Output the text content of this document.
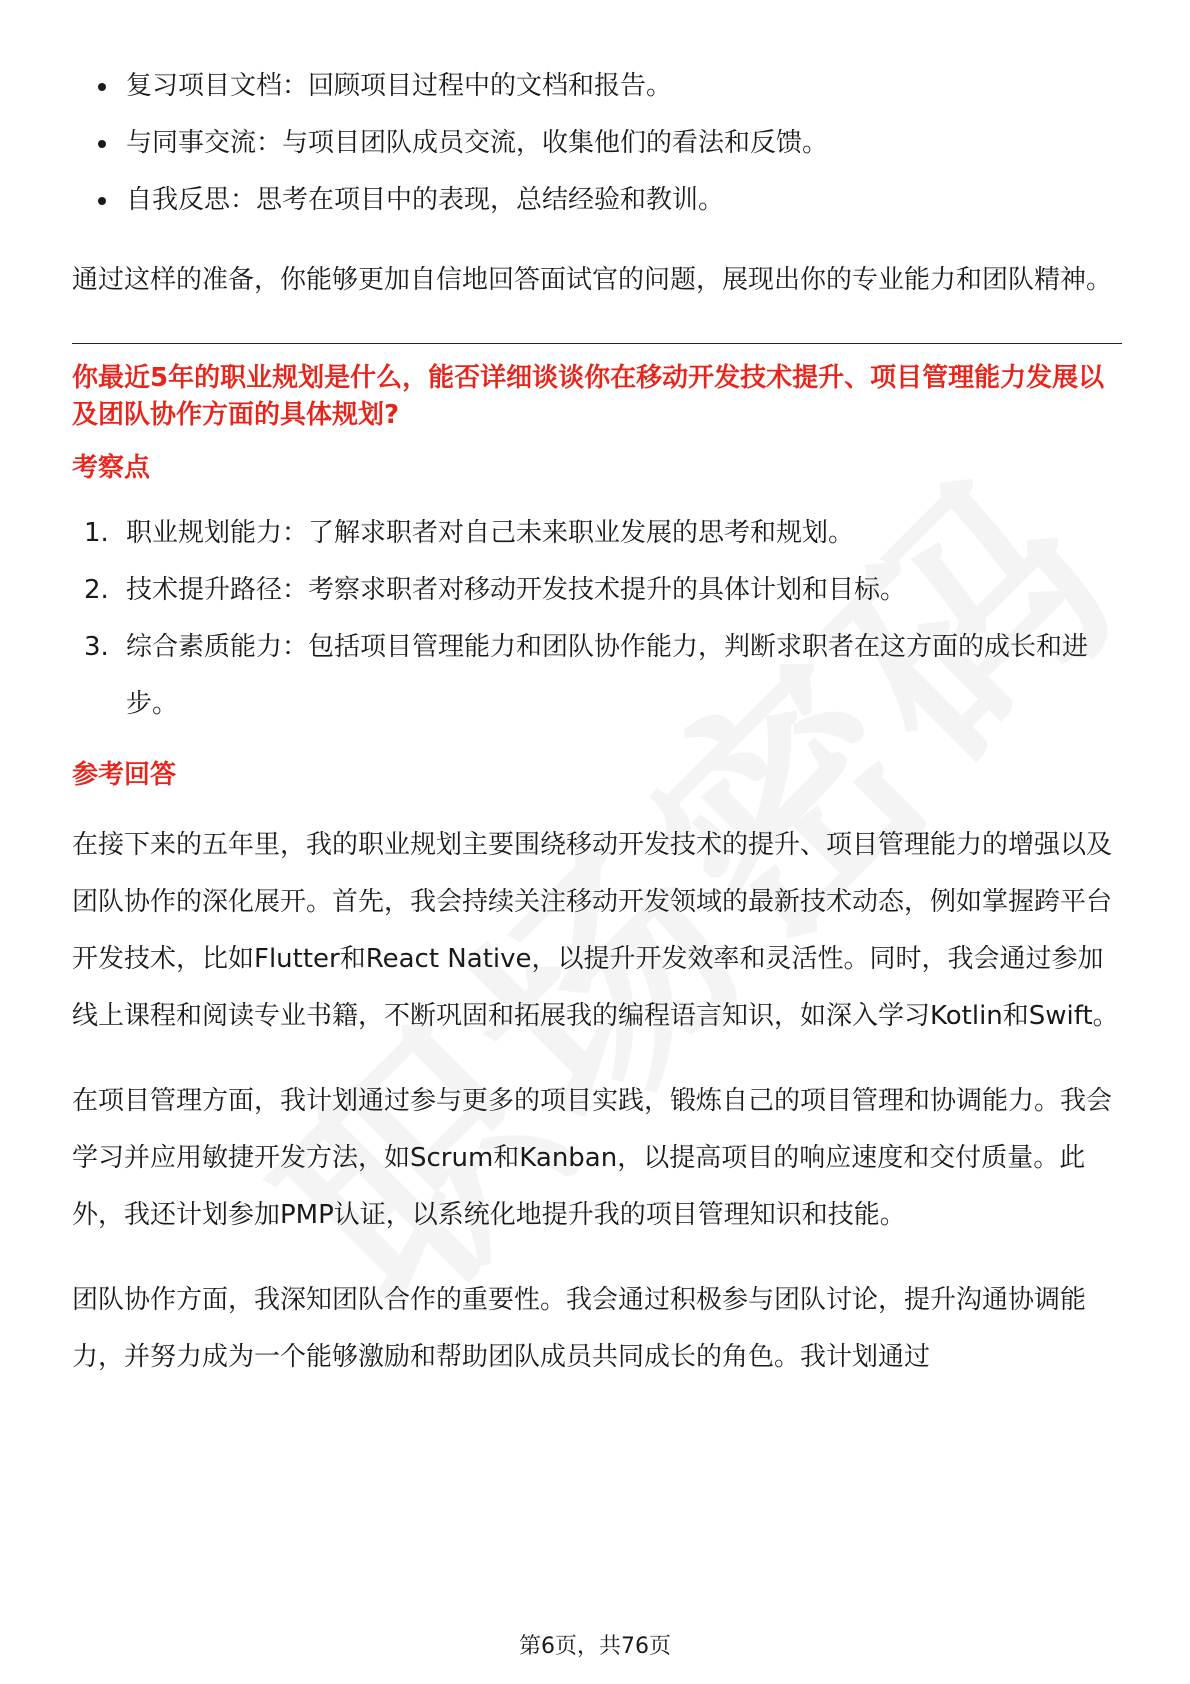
复习项目文档：回顾项目过程中的文档和报告。
与同事交流：与项目团队成员交流，收集他们的看法和反馈。
自我反思：思考在项目中的表现，总结经验和教训。

通过这样的准备，你能够更加自信地回答面试官的问题，展现出你的专业能力和团队精神。

你最近5年的职业规划是什么，能否详细谈谈你在移动开发技术提升、项目管理能力发展以及团队协作方面的具体规划?

考察点

1. 职业规划能力：了解求职者对自己未来职业发展的思考和规划。
2. 技术提升路径：考察求职者对移动开发技术提升的具体计划和目标。
3. 综合素质能力：包括项目管理能力和团队协作能力，判断求职者在这方面的成长和进步。

参考回答

在接下来的五年里，我的职业规划主要围绕移动开发技术的提升、项目管理能力的增强以及团队协作的深化展开。首先，我会持续关注移动开发领域的最新技术动态，例如掌握跨平台开发技术，比如Flutter和React Native，以提升开发效率和灵活性。同时，我会通过参加线上课程和阅读专业书籍，不断巩固和拓展我的编程语言知识，如深入学习Kotlin和Swift。

在项目管理方面，我计划通过参与更多的项目实践，锻炼自己的项目管理和协调能力。我会学习并应用敏捷开发方法，如Scrum和Kanban，以提高项目的响应速度和交付质量。此外，我还计划参加PMP认证，以系统化地提升我的项目管理知识和技能。

团队协作方面，我深知团队合作的重要性。我会通过积极参与团队讨论，提升沟通协调能力，并努力成为一个能够激励和帮助团队成员共同成长的角色。我计划通过

第6页，共76页
